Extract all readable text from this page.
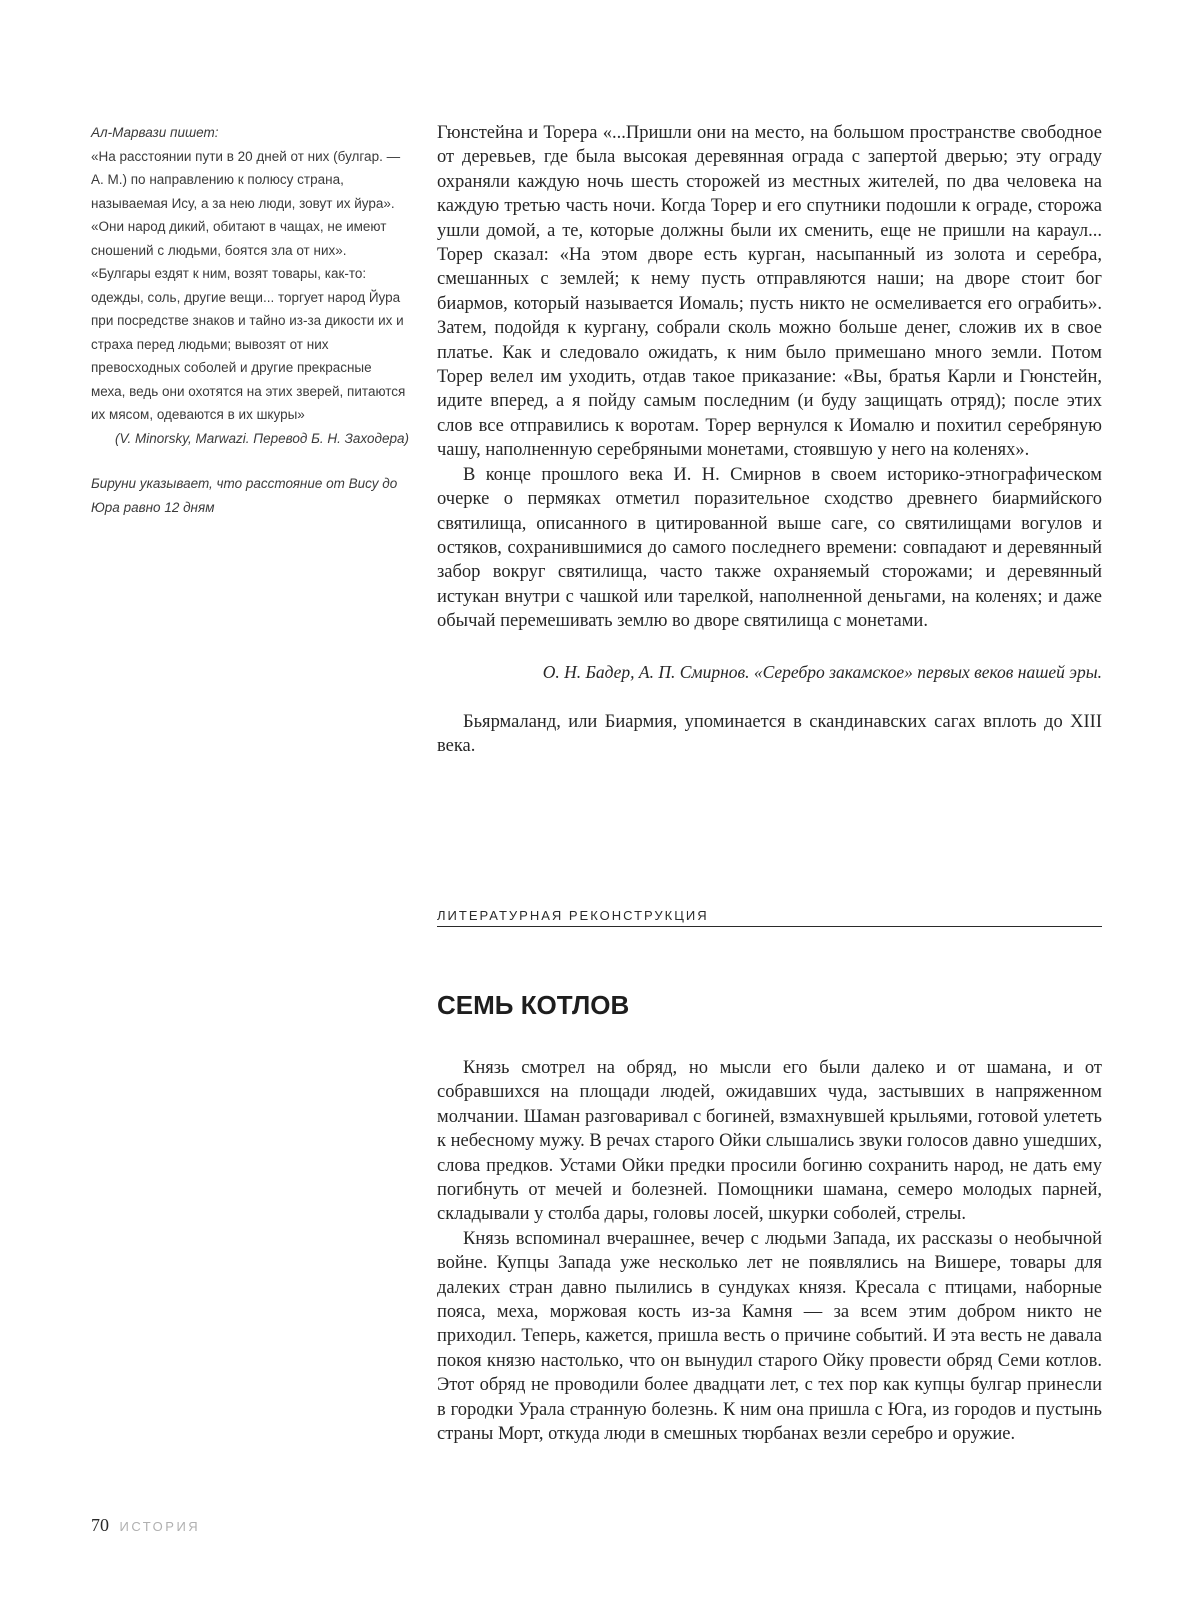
Ал-Марвази пишет:

«На расстоянии пути в 20 дней от них (булгар. — А. М.) по направлению к полюсу страна, называемая Ису, а за нею люди, зовут их йура». «Они народ дикий, обитают в чащах, не имеют сношений с людьми, боятся зла от них». «Булгары ездят к ним, возят товары, как-то: одежды, соль, другие вещи... торгует народ Йура при посредстве знаков и тайно из-за дикости их и страха перед людьми; вывозят от них превосходных соболей и другие прекрасные меха, ведь они охотятся на этих зверей, питаются их мясом, одеваются в их шкуры»

(V. Minorsky, Marwazi. Перевод Б. Н. Заходера)

Бируни указывает, что расстояние от Вису до Юра равно 12 дням

Гюнстейна и Торера «...Пришли они на место, на большом пространстве свободное от деревьев, где была высокая деревянная ограда с запертой дверью; эту ограду охраняли каждую ночь шесть сторожей из местных жителей, по два человека на каждую третью часть ночи. Когда Торер и его спутники подошли к ограде, сторожа ушли домой, а те, которые должны были их сменить, еще не пришли на караул... Торер сказал: «На этом дворе есть курган, насыпанный из золота и серебра, смешанных с землей; к нему пусть отправляются наши; на дворе стоит бог биармов, который называется Иомаль; пусть никто не осмеливается его ограбить». Затем, подойдя к кургану, собрали сколь можно больше денег, сложив их в свое платье. Как и следовало ожидать, к ним было примешано много земли. Потом Торер велел им уходить, отдав такое приказание: «Вы, братья Карли и Гюнстейн, идите вперед, а я пойду самым последним (и буду защищать отряд); после этих слов все отправились к воротам. Торер вернулся к Иомалю и похитил серебряную чашу, наполненную серебряными монетами, стоявшую у него на коленях».

В конце прошлого века И. Н. Смирнов в своем историко-этнографическом очерке о пермяках отметил поразительное сходство древнего биармийского святилища, описанного в цитированной выше саге, со святилищами вогулов и остяков, сохранившимися до самого последнего времени: совпадают и деревянный забор вокруг святилища, часто также охраняемый сторожами; и деревянный истукан внутри с чашкой или тарелкой, наполненной деньгами, на коленях; и даже обычай перемешивать землю во дворе святилища с монетами.

О. Н. Бадер, А. П. Смирнов. «Серебро закамское» первых веков нашей эры.

Бьярмаланд, или Биармия, упоминается в скандинавских сагах вплоть до XIII века.

ЛИТЕРАТУРНАЯ РЕКОНСТРУКЦИЯ
СЕМЬ КОТЛОВ

Князь смотрел на обряд, но мысли его были далеко и от шамана, и от собравшихся на площади людей, ожидавших чуда, застывших в напряженном молчании. Шаман разговаривал с богиней, взмахнувшей крыльями, готовой улететь к небесному мужу. В речах старого Ойки слышались звуки голосов давно ушедших, слова предков. Устами Ойки предки просили богиню сохранить народ, не дать ему погибнуть от мечей и болезней. Помощники шамана, семеро молодых парней, складывали у столба дары, головы лосей, шкурки соболей, стрелы.

Князь вспоминал вчерашнее, вечер с людьми Запада, их рассказы о необычной войне. Купцы Запада уже несколько лет не появлялись на Вишере, товары для далеких стран давно пылились в сундуках князя. Кресала с птицами, наборные пояса, меха, моржовая кость из-за Камня — за всем этим добром никто не приходил. Теперь, кажется, пришла весть о причине событий. И эта весть не давала покоя князю настолько, что он вынудил старого Ойку провести обряд Семи котлов. Этот обряд не проводили более двадцати лет, с тех пор как купцы булгар принесли в городки Урала странную болезнь. К ним она пришла с Юга, из городов и пустынь страны Морт, откуда люди в смешных тюрбанах везли серебро и оружие.

70 ИСТОРИЯ
